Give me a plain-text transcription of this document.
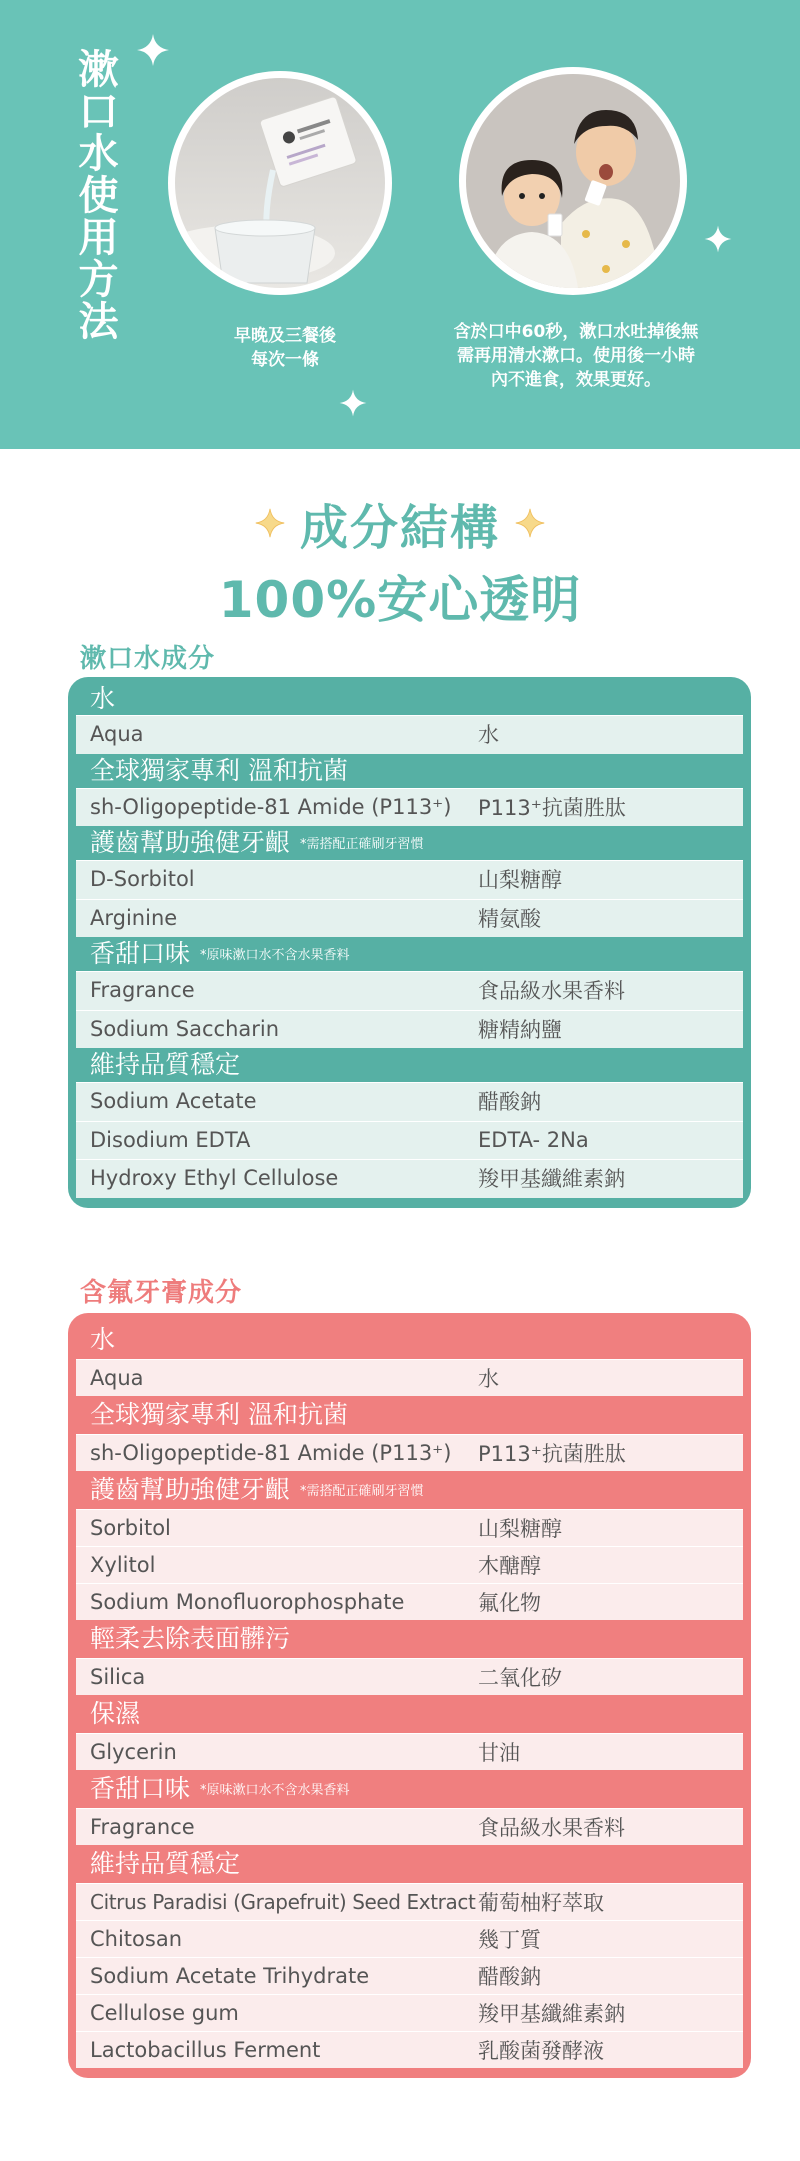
漱口水使用方法	早晚及三餐後
每次一條
含於口中60秒，漱口水吐掉後無
需再用清水漱口。使用後一小時
內不進食，效果更好。
成分結構
100%安心透明
漱口水成分
水
Aqua	水
全球獨家專利 溫和抗菌
sh-Oligopeptide-81 Amide (P113⁺)	P113⁺抗菌胜肽
護齒幫助強健牙齦 *需搭配正確刷牙習慣
D-Sorbitol	山梨糖醇
Arginine	精氨酸
香甜口味 *原味漱口水不含水果香料
Fragrance	食品級水果香料
Sodium Saccharin	糖精納鹽
維持品質穩定
Sodium Acetate	醋酸鈉
Disodium EDTA	EDTA- 2Na
Hydroxy Ethyl Cellulose	羧甲基纖維素鈉
含氟牙膏成分
水
Aqua	水
全球獨家專利 溫和抗菌
sh-Oligopeptide-81 Amide (P113⁺)	P113⁺抗菌胜肽
護齒幫助強健牙齦 *需搭配正確刷牙習慣
Sorbitol	山梨糖醇
Xylitol	木醣醇
Sodium Monofluorophosphate	氟化物
輕柔去除表面髒污
Silica	二氧化矽
保濕
Glycerin	甘油
香甜口味 *原味漱口水不含水果香料
Fragrance	食品級水果香料
維持品質穩定
Citrus Paradisi (Grapefruit) Seed Extract 葡萄柚籽萃取
Chitosan	幾丁質
Sodium Acetate Trihydrate	醋酸鈉
Cellulose gum	羧甲基纖維素鈉
Lactobacillus Ferment	乳酸菌發酵液
